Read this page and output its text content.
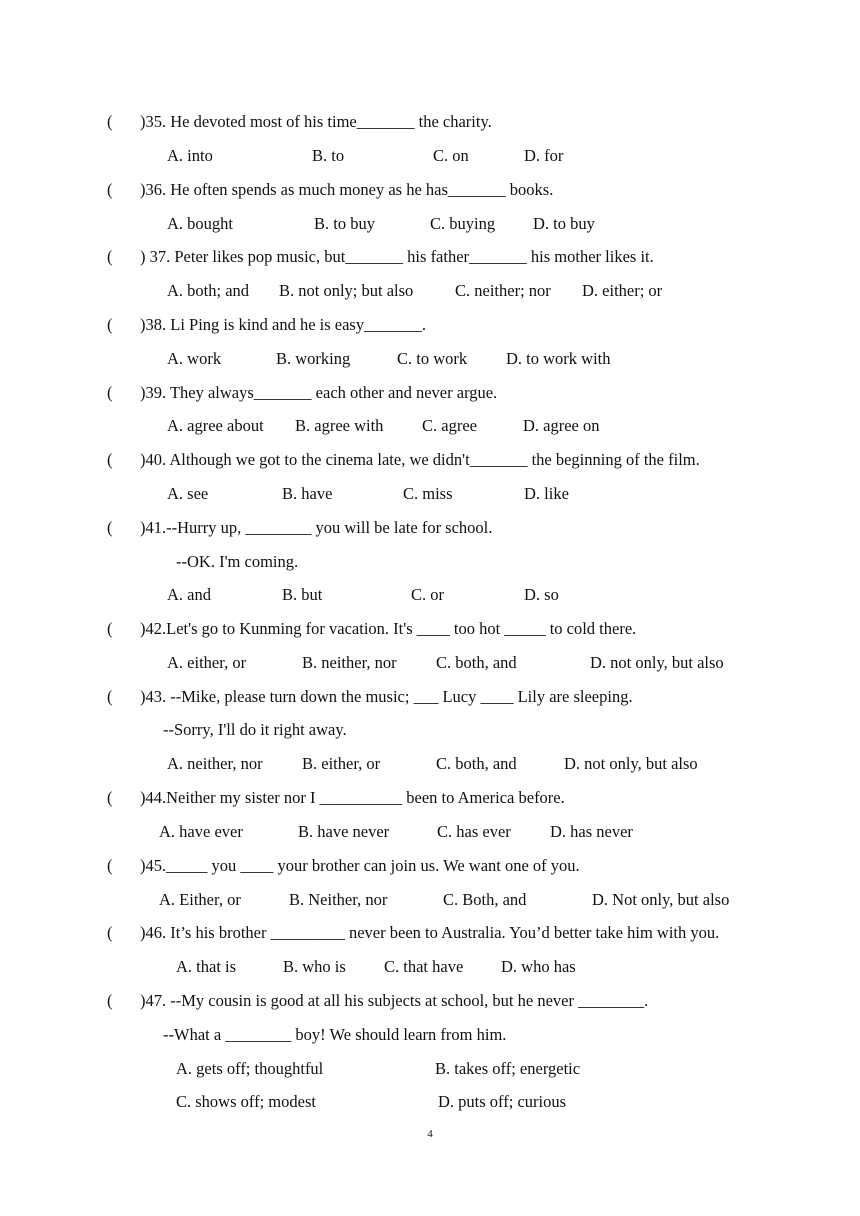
( )35. He devoted most of his time_______ the charity.
A. into	B. to	C. on	D. for
( )36. He often spends as much money as he has_______ books.
A. bought	B. to buy	C. buying D. to buy
( ) 37. Peter likes pop music, but_______ his father_______ his mother likes it.
A. both; and B. not only; but also	C. neither; nor D. either; or
( )38. Li Ping is kind and he is easy_______.
A. work	B. working	C. to work D. to work with
( )39. They always_______ each other and never argue.
A. agree about B. agree with C. agree	D. agree on
( )40. Although we got to the cinema late, we didn't_______ the beginning of the film.
A. see	B. have	C. miss	D. like
( )41.--Hurry up, ________ you will be late for school.
--OK. I'm coming.
A. and	B. but	C. or	D. so
( )42.Let's go to Kunming for vacation. It's ____ too hot _____ to cold there.
A. either, or	B. neither, nor C. both, and	D. not only, but also
( )43. --Mike, please turn down the music; ___ Lucy ____ Lily are sleeping.
--Sorry, I'll do it right away.
A. neither, nor B. either, or	C. both, and	D. not only, but also
( )44.Neither my sister nor I __________ been to America before.
A. have ever	B. have never	C. has ever D. has never
( )45._____ you ____ your brother can join us. We want one of you.
A. Either, or	B. Neither, nor	C. Both, and	D. Not only, but also
( )46. It’s his brother _________ never been to Australia. You’d better take him with you.
A. that is	B. who is C. that have D. who has
( )47. --My cousin is good at all his subjects at school, but he never ________.
--What a ________ boy! We should learn from him.
A. gets off; thoughtful	B. takes off; energetic
C. shows off; modest	D. puts off; curious
4
